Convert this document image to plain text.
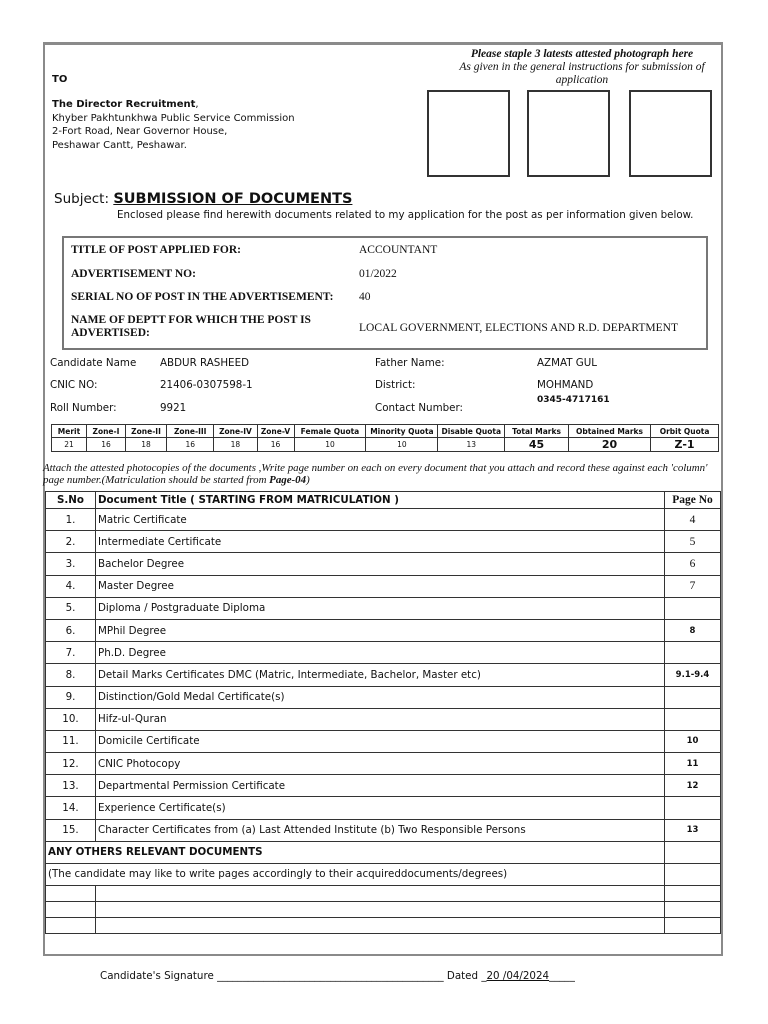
Please staple 3 latests attested photograph here
As given in the general instructions for submission of application
TO
The Director Recruitment,
Khyber Pakhtunkhwa Public Service Commission
2-Fort Road, Near Governor House,
Peshawar Cantt, Peshawar.
Subject: SUBMISSION OF DOCUMENTS
Enclosed please find herewith documents related to my application for the post as per information given below.
TITLE OF POST APPLIED FOR:	ACCOUNTANT
ADVERTISEMENT NO:	01/2022
SERIAL NO OF POST IN THE ADVERTISEMENT: 40
NAME OF DEPTT FOR WHICH THE POST IS ADVERTISED:	LOCAL GOVERNMENT, ELECTIONS AND R.D. DEPARTMENT
Candidate Name ABDUR RASHEED	Father Name:	AZMAT GUL
CNIC NO:	21406-0307598-1	District:	MOHMAND
Roll Number:	9921	Contact Number:
0345-4717161
Merit	Zone-I	Zone-II	Zone-III	Zone-IV	Zone-V	Female Quota	Minority Quota	Disable Quota	Total Marks	Obtained Marks	Orbit Quota
21	16	18	16	18	16	10	10	13	45	20	Z-1
Attach the attested photocopies of the documents ,Write page number on each on every document that you attach and record these against each 'column' page number.(Matriculation should be started from Page-04)
S.No	Document Title ( STARTING FROM MATRICULATION )	Page No
1.	Matric Certificate	4
2.	Intermediate Certificate	5
3.	Bachelor Degree	6
4.	Master Degree	7
5.	Diploma / Postgraduate Diploma	
6.	MPhil Degree	8
7.	Ph.D. Degree	
8.	Detail Marks Certificates DMC (Matric, Intermediate, Bachelor, Master etc)	9.1-9.4
9.	Distinction/Gold Medal Certificate(s)	
10.	Hifz-ul-Quran	
11.	Domicile Certificate	10
12.	CNIC Photocopy	11
13.	Departmental Permission Certificate	12
14.	Experience Certificate(s)	
15.	Character Certificates from (a) Last Attended Institute (b) Two Responsible Persons	13
ANY OTHERS RELEVANT DOCUMENTS		
(The candidate may like to write pages accordingly to their acquireddocuments/degrees)		

Candidate's Signature ____________________________________________ Dated _20 /04/2024_____
